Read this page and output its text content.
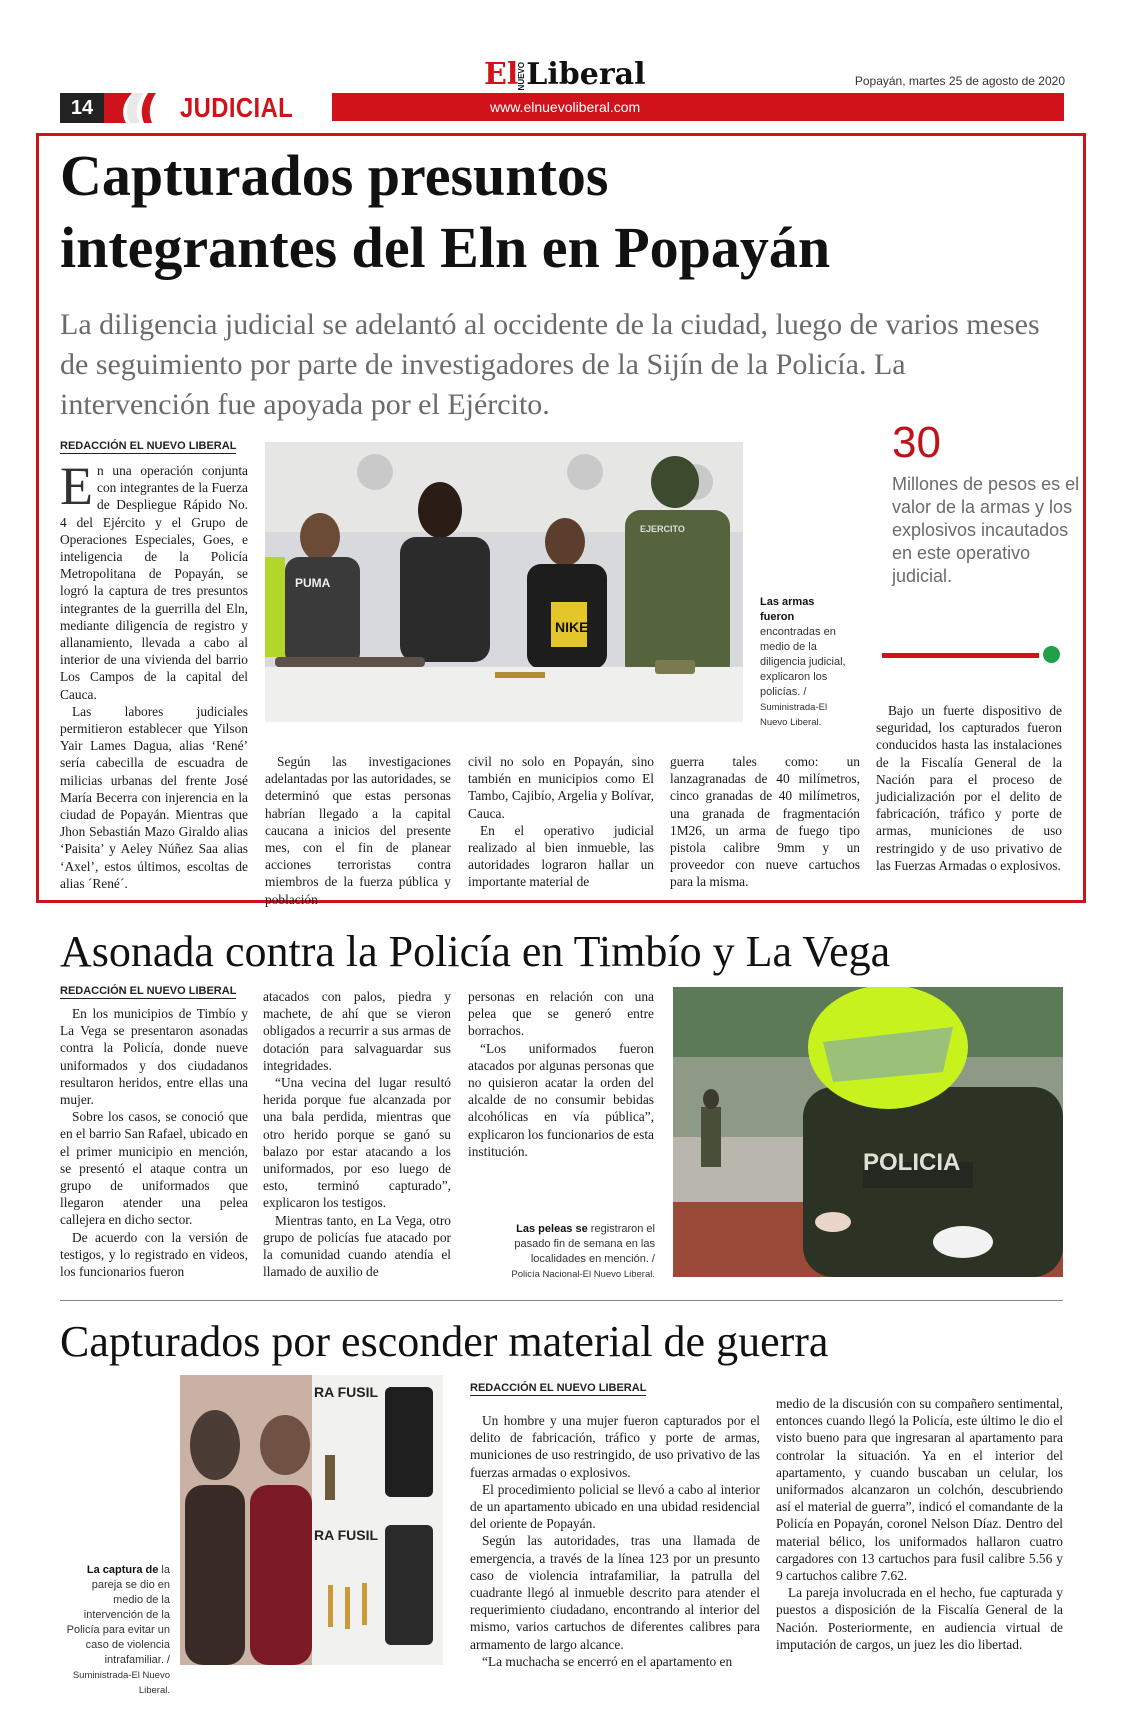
ElNUEVOLiberal	Popayán, martes 25 de agosto de 2020
14	JUDICIAL	www.elnuevoliberal.com
Capturados presuntos
integrantes del Eln en Popayán
La diligencia judicial se adelantó al occidente de la ciudad, luego de varios meses de seguimiento por parte de investigadores de la Sijín de la Policía. La intervención fue apoyada por el Ejército.
REDACCIÓN EL NUEVO LIBERAL

En una operación conjunta con integrantes de la Fuerza de Despliegue Rápido No. 4 del Ejército y el Grupo de Operaciones Especiales, Goes, e inteligencia de la Policía Metropolitana de Popayán, se logró la captura de tres presuntos integrantes de la guerrilla del Eln, mediante diligencia de registro y allanamiento, llevada a cabo al interior de una vivienda del barrio Los Campos de la capital del Cauca.

Las labores judiciales permitieron establecer que Yilson Yair Lames Dagua, alias ‘René’ sería cabecilla de escuadra de milicias urbanas del frente José María Becerra con injerencia en la ciudad de Popayán. Mientras que Jhon Sebastián Mazo Giraldo alias ‘Paisita’ y Aeley Núñez Saa alias ‘Axel’, estos últimos, escoltas de alias ´René´.

NIKE
PUMA
EJERCITO
Las armas fueron encontradas en medio de la diligencia judicial, explicaron los policías. / Suministrada-El Nuevo Liberal.
30
Millones de pesos es el valor de la armas y los explosivos incautados en este operativo judicial.

Según las investigaciones adelantadas por las autoridades, se determinó que estas personas habrían llegado a la capital caucana a inicios del presente mes, con el fin de planear acciones terroristas contra miembros de la fuerza pública y población

civil no solo en Popayán, sino también en municipios como El Tambo, Cajibío, Argelia y Bolívar, Cauca.

En el operativo judicial realizado al bien inmueble, las autoridades lograron hallar un importante material de

guerra tales como: un lanzagranadas de 40 milímetros, cinco granadas de 40 milímetros, una granada de fragmentación 1M26, un arma de fuego tipo pistola calibre 9mm y un proveedor con nueve cartuchos para la misma.

Bajo un fuerte dispositivo de seguridad, los capturados fueron conducidos hasta las instalaciones de la Fiscalía General de la Nación para el proceso de judicialización por el delito de fabricación, tráfico y porte de armas, municiones de uso restringido y de uso privativo de las Fuerzas Armadas o explosivos.

Asonada contra la Policía en Timbío y La Vega
REDACCIÓN EL NUEVO LIBERAL

En los municipios de Timbío y La Vega se presentaron asonadas contra la Policía, donde nueve uniformados y dos ciudadanos resultaron heridos, entre ellas una mujer.

Sobre los casos, se conoció que en el barrio San Rafael, ubicado en el primer municipio en mención, se presentó el ataque contra un grupo de uniformados que llegaron atender una pelea callejera en dicho sector.

De acuerdo con la versión de testigos, y lo registrado en videos, los funcionarios fueron

atacados con palos, piedra y machete, de ahí que se vieron obligados a recurrir a sus armas de dotación para salvaguardar sus integridades.

“Una vecina del lugar resultó herida porque fue alcanzada por una bala perdida, mientras que otro herido porque se ganó su balazo por estar atacando a los uniformados, por eso luego de esto, terminó capturado”, explicaron los testigos.

Mientras tanto, en La Vega, otro grupo de policías fue atacado por la comunidad cuando atendía el llamado de auxilio de

personas en relación con una pelea que se generó entre borrachos.

“Los uniformados fueron atacados por algunas personas que no quisieron acatar la orden del alcalde de no consumir bebidas alcohólicas en vía pública”, explicaron los funcionarios de esta institución.

Las peleas se registraron el pasado fin de semana en las localidades en mención. / Policía Nacional-El Nuevo Liberal.
POLICIA
Capturados por esconder material de guerra
La captura de la pareja se dio en medio de la intervención de la Policía para evitar un caso de violencia intrafamiliar. / Suministrada-El Nuevo Liberal.
RA FUSIL
RA FUSIL
REDACCIÓN EL NUEVO LIBERAL

Un hombre y una mujer fueron capturados por el delito de fabricación, tráfico y porte de armas, municiones de uso restringido, de uso privativo de las fuerzas armadas o explosivos.

El procedimiento policial se llevó a cabo al interior de un apartamento ubicado en una ubidad residencial del oriente de Popayán.

Según las autoridades, tras una llamada de emergencia, a través de la línea 123 por un presunto caso de violencia intrafamiliar, la patrulla del cuadrante llegó al inmueble descrito para atender el requerimiento ciudadano, encontrando al interior del mismo, varios cartuchos de diferentes calibres para armamento de largo alcance.

“La muchacha se encerró en el apartamento en

medio de la discusión con su compañero sentimental, entonces cuando llegó la Policía, este último le dio el visto bueno para que ingresaran al apartamento para controlar la situación. Ya en el interior del apartamento, y cuando buscaban un celular, los uniformados alcanzaron un colchón, descubriendo así el material de guerra”, indicó el comandante de la Policía en Popayán, coronel Nelson Díaz. Dentro del material bélico, los uniformados hallaron cuatro cargadores con 13 cartuchos para fusil calibre 5.56 y 9 cartuchos calibre 7.62.

La pareja involucrada en el hecho, fue capturada y puestos a disposición de la Fiscalía General de la Nación. Posteriormente, en audiencia virtual de imputación de cargos, un juez les dio libertad.
